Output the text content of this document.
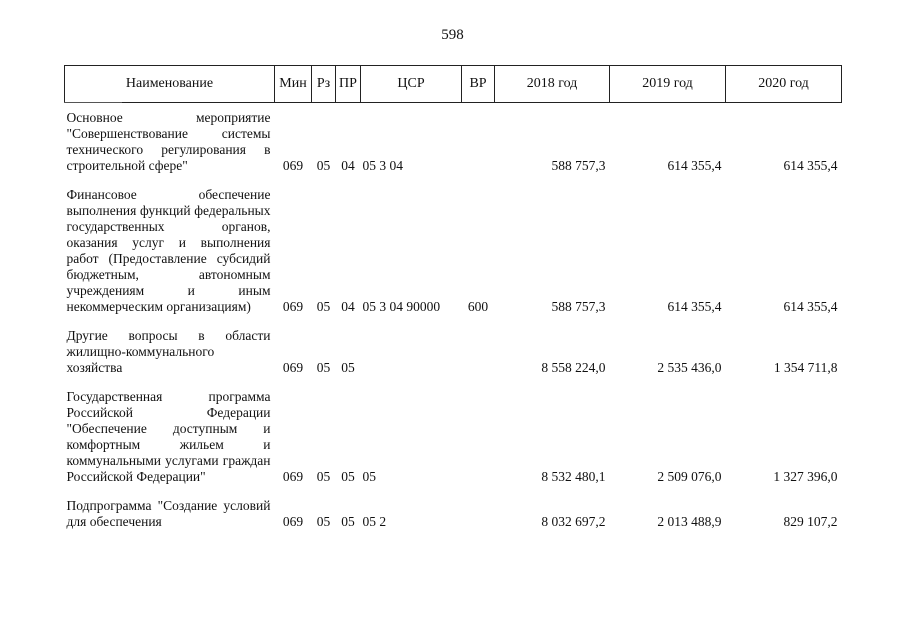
598
Наименование	Мин	Рз	ПР	ЦСР	ВР	2018 год	2019 год	2020 год

Основное мероприятие "Совершенствование системы технического регулирования в строительной сфере"	069	05	04	05 3 04		588 757,3	614 355,4	614 355,4

Финансовое обеспечение выполнения функций федеральных государственных органов, оказания услуг и выполнения работ (Предоставление субсидий бюджетным, автономным учреждениям и иным некоммерческим организациям)	069	05	04	05 3 04 90000	600	588 757,3	614 355,4	614 355,4

Другие вопросы в области жилищно-коммунального хозяйства	069	05	05			8 558 224,0	2 535 436,0	1 354 711,8

Государственная программа Российской Федерации "Обеспечение доступным и комфортным жильем и коммунальными услугами граждан Российской Федерации"	069	05	05	05		8 532 480,1	2 509 076,0	1 327 396,0

Подпрограмма "Создание условий для обеспечения	069	05	05	05 2		8 032 697,2	2 013 488,9	829 107,2
